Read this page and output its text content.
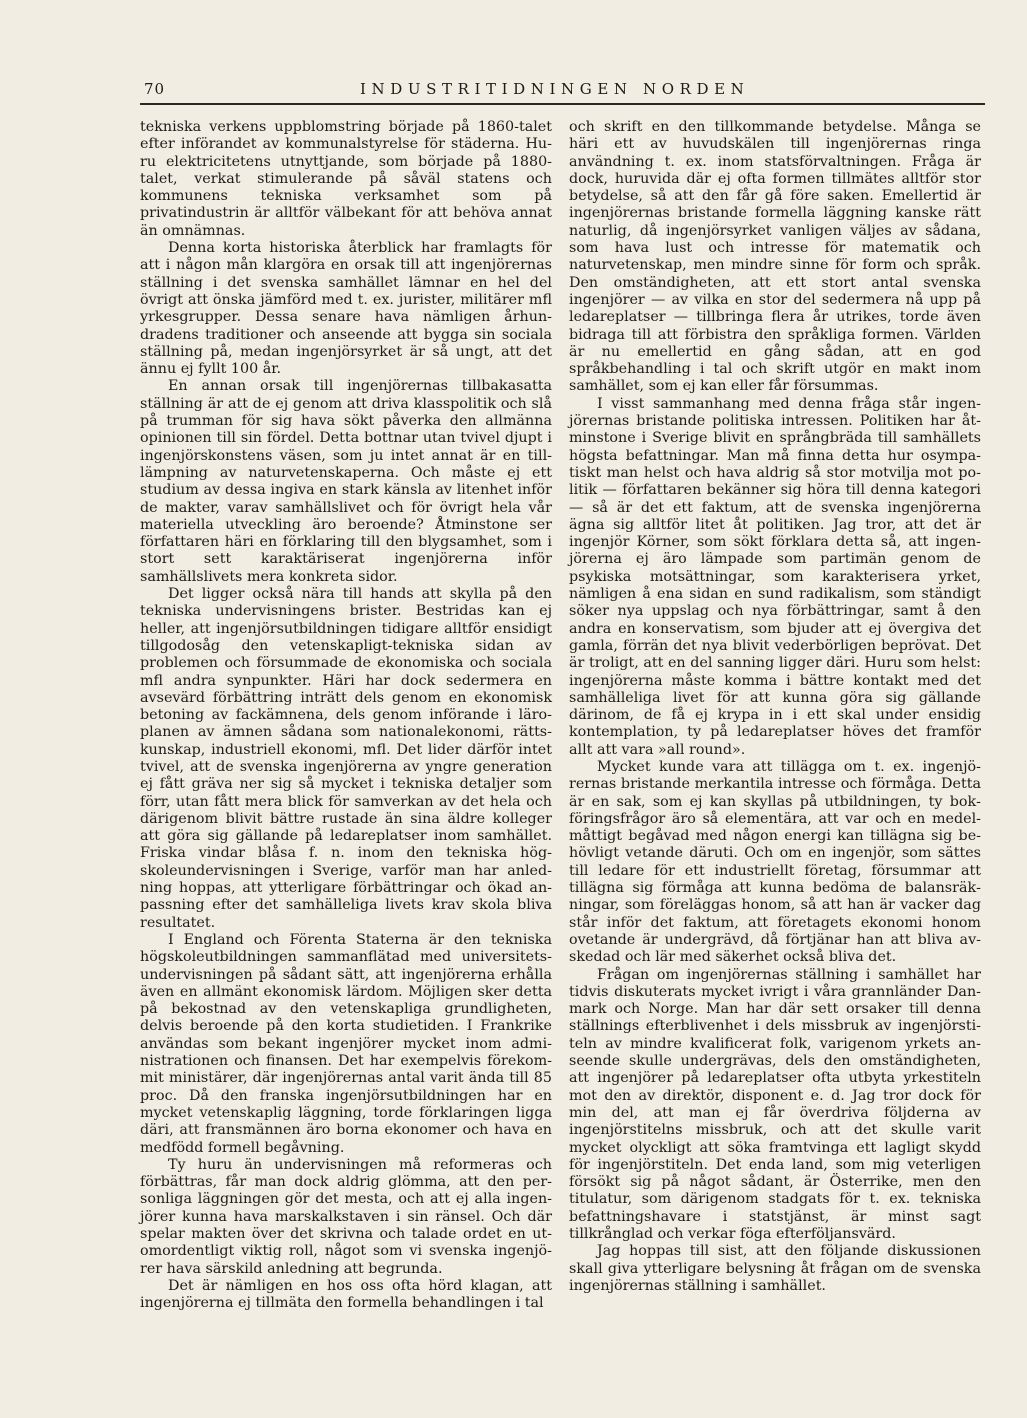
70	INDUSTRITIDNINGEN NORDEN

tekniska verkens uppblomstring började på 1860-talet efter införandet av kommunalstyrelse för städerna. Huru elektricitetens utnyttjande, som började på 1880-talet, verkat stimulerande på såväl statens och kommunens tekniska verksamhet som på privatindustrin är alltför välbekant för att behöva annat än omnämnas.

Denna korta historiska återblick har framlagts för att i någon mån klargöra en orsak till att ingenjörernas ställning i det svenska samhället lämnar en hel del övrigt att önska jämförd med t. ex. jurister, militärer mfl yrkesgrupper. Dessa senare hava nämligen århundradens traditioner och anseende att bygga sin sociala ställning på, medan ingenjörsyrket är så ungt, att det ännu ej fyllt 100 år.

En annan orsak till ingenjörernas tillbakasatta ställning är att de ej genom att driva klasspolitik och slå på trumman för sig hava sökt påverka den allmänna opinionen till sin fördel. Detta bottnar utan tvivel djupt i ingenjörskonstens väsen, som ju intet annat är en tilllämpning av naturvetenskaperna. Och måste ej ett studium av dessa ingiva en stark känsla av litenhet inför de makter, varav samhällslivet och för övrigt hela vår materiella utveckling äro beroende? Åtminstone ser författaren häri en förklaring till den blygsamhet, som i stort sett karaktäriserat ingenjörerna inför samhällslivets mera konkreta sidor.

Det ligger också nära till hands att skylla på den tekniska undervisningens brister. Bestridas kan ej heller, att ingenjörsutbildningen tidigare alltför ensidigt tillgodosåg den vetenskapligt-tekniska sidan av problemen och försummade de ekonomiska och sociala mfl andra synpunkter. Häri har dock sedermera en avsevärd förbättring inträtt dels genom en ekonomisk betoning av fackämnena, dels genom införande i läroplanen av ämnen sådana som nationalekonomi, rättskunskap, industriell ekonomi, mfl. Det lider därför intet tvivel, att de svenska ingenjörerna av yngre generation ej fått gräva ner sig så mycket i tekniska detaljer som förr, utan fått mera blick för samverkan av det hela och därigenom blivit bättre rustade än sina äldre kolleger att göra sig gällande på ledareplatser inom samhället. Friska vindar blåsa f. n. inom den tekniska högskoleundervisningen i Sverige, varför man har anledning hoppas, att ytterligare förbättringar och ökad anpassning efter det samhälleliga livets krav skola bliva resultatet.

I England och Förenta Staterna är den tekniska högskoleutbildningen sammanflätad med universitetsundervisningen på sådant sätt, att ingenjörerna erhålla även en allmänt ekonomisk lärdom. Möjligen sker detta på bekostnad av den vetenskapliga grundligheten, delvis beroende på den korta studietiden. I Frankrike användas som bekant ingenjörer mycket inom administrationen och finansen. Det har exempelvis förekommit ministärer, där ingenjörernas antal varit ända till 85 proc. Då den franska ingenjörsutbildningen har en mycket vetenskaplig läggning, torde förklaringen ligga däri, att fransmännen äro borna ekonomer och hava en medfödd formell begåvning.

Ty huru än undervisningen må reformeras och förbättras, får man dock aldrig glömma, att den personliga läggningen gör det mesta, och att ej alla ingenjörer kunna hava marskalkstaven i sin ränsel. Och där spelar makten över det skrivna och talade ordet en utomordentligt viktig roll, något som vi svenska ingenjörer hava särskild anledning att begrunda.

Det är nämligen en hos oss ofta hörd klagan, att ingenjörerna ej tillmäta den formella behandlingen i tal

och skrift en den tillkommande betydelse. Många se häri ett av huvudskälen till ingenjörernas ringa användning t. ex. inom statsförvaltningen. Fråga är dock, huruvida där ej ofta formen tillmätes alltför stor betydelse, så att den får gå före saken. Emellertid är ingenjörernas bristande formella läggning kanske rätt naturlig, då ingenjörsyrket vanligen väljes av sådana, som hava lust och intresse för matematik och naturvetenskap, men mindre sinne för form och språk. Den omständigheten, att ett stort antal svenska ingenjörer — av vilka en stor del sedermera nå upp på ledareplatser — tillbringa flera år utrikes, torde även bidraga till att förbistra den språkliga formen. Världen är nu emellertid en gång sådan, att en god språkbehandling i tal och skrift utgör en makt inom samhället, som ej kan eller får försummas.

I visst sammanhang med denna fråga står ingenjörernas bristande politiska intressen. Politiken har åtminstone i Sverige blivit en språngbräda till samhällets högsta befattningar. Man må finna detta hur osympatiskt man helst och hava aldrig så stor motvilja mot politik — författaren bekänner sig höra till denna kategori — så är det ett faktum, att de svenska ingenjörerna ägna sig alltför litet åt politiken. Jag tror, att det är ingenjör Körner, som sökt förklara detta så, att ingenjörerna ej äro lämpade som partimän genom de psykiska motsättningar, som karakterisera yrket, nämligen å ena sidan en sund radikalism, som ständigt söker nya uppslag och nya förbättringar, samt å den andra en konservatism, som bjuder att ej övergiva det gamla, förrän det nya blivit vederbörligen beprövat. Det är troligt, att en del sanning ligger däri. Huru som helst: ingenjörerna måste komma i bättre kontakt med det samhälleliga livet för att kunna göra sig gällande därinom, de få ej krypa in i ett skal under ensidig kontemplation, ty på ledareplatser höves det framför allt att vara »all round».

Mycket kunde vara att tillägga om t. ex. ingenjörernas bristande merkantila intresse och förmåga. Detta är en sak, som ej kan skyllas på utbildningen, ty bokföringsfrågor äro så elementära, att var och en medelmåttigt begåvad med någon energi kan tillägna sig behövligt vetande däruti. Och om en ingenjör, som sättes till ledare för ett industriellt företag, försummar att tillägna sig förmåga att kunna bedöma de balansräkningar, som föreläggas honom, så att han är vacker dag står inför det faktum, att företagets ekonomi honom ovetande är undergrävd, då förtjänar han att bliva avskedad och lär med säkerhet också bliva det.

Frågan om ingenjörernas ställning i samhället har tidvis diskuterats mycket ivrigt i våra grannländer Danmark och Norge. Man har där sett orsaker till denna ställnings efterblivenhet i dels missbruk av ingenjörstiteln av mindre kvalificerat folk, varigenom yrkets anseende skulle undergrävas, dels den omständigheten, att ingenjörer på ledareplatser ofta utbyta yrkestiteln mot den av direktör, disponent e. d. Jag tror dock för min del, att man ej får överdriva följderna av ingenjörstitelns missbruk, och att det skulle varit mycket olyckligt att söka framtvinga ett lagligt skydd för ingenjörstiteln. Det enda land, som mig veterligen försökt sig på något sådant, är Österrike, men den titulatur, som därigenom stadgats för t. ex. tekniska befattningshavare i statstjänst, är minst sagt tillkrånglad och verkar föga efterföljansvärd.

Jag hoppas till sist, att den följande diskussionen skall giva ytterligare belysning åt frågan om de svenska ingenjörernas ställning i samhället.
